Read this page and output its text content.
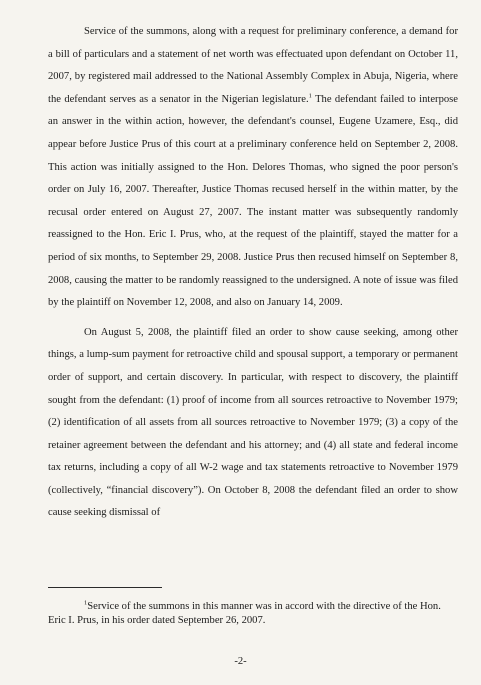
Service of the summons, along with a request for preliminary conference, a demand for a bill of particulars and a statement of net worth was effectuated upon defendant on October 11, 2007, by registered mail addressed to the National Assembly Complex in Abuja, Nigeria, where the defendant serves as a senator in the Nigerian legislature.$^1$ The defendant failed to interpose an answer in the within action, however, the defendant's counsel, Eugene Uzamere, Esq., did appear before Justice Prus of this court at a preliminary conference held on September 2, 2008. This action was initially assigned to the Hon. Delores Thomas, who signed the poor person's order on July 16, 2007. Thereafter, Justice Thomas recused herself in the within matter, by the recusal order entered on August 27, 2007. The instant matter was subsequently randomly reassigned to the Hon. Eric I. Prus, who, at the request of the plaintiff, stayed the matter for a period of six months, to September 29, 2008. Justice Prus then recused himself on September 8, 2008, causing the matter to be randomly reassigned to the undersigned. A note of issue was filed by the plaintiff on November 12, 2008, and also on January 14, 2009.

On August 5, 2008, the plaintiff filed an order to show cause seeking, among other things, a lump-sum payment for retroactive child and spousal support, a temporary or permanent order of support, and certain discovery. In particular, with respect to discovery, the plaintiff sought from the defendant: (1) proof of income from all sources retroactive to November 1979; (2) identification of all assets from all sources retroactive to November 1979; (3) a copy of the retainer agreement between the defendant and his attorney; and (4) all state and federal income tax returns, including a copy of all W-2 wage and tax statements retroactive to November 1979 (collectively, “financial discovery”). On October 8, 2008 the defendant filed an order to show cause seeking dismissal of

$^1$Service of the summons in this manner was in accord with the directive of the Hon. Eric I. Prus, in his order dated September 26, 2007.
-2-
